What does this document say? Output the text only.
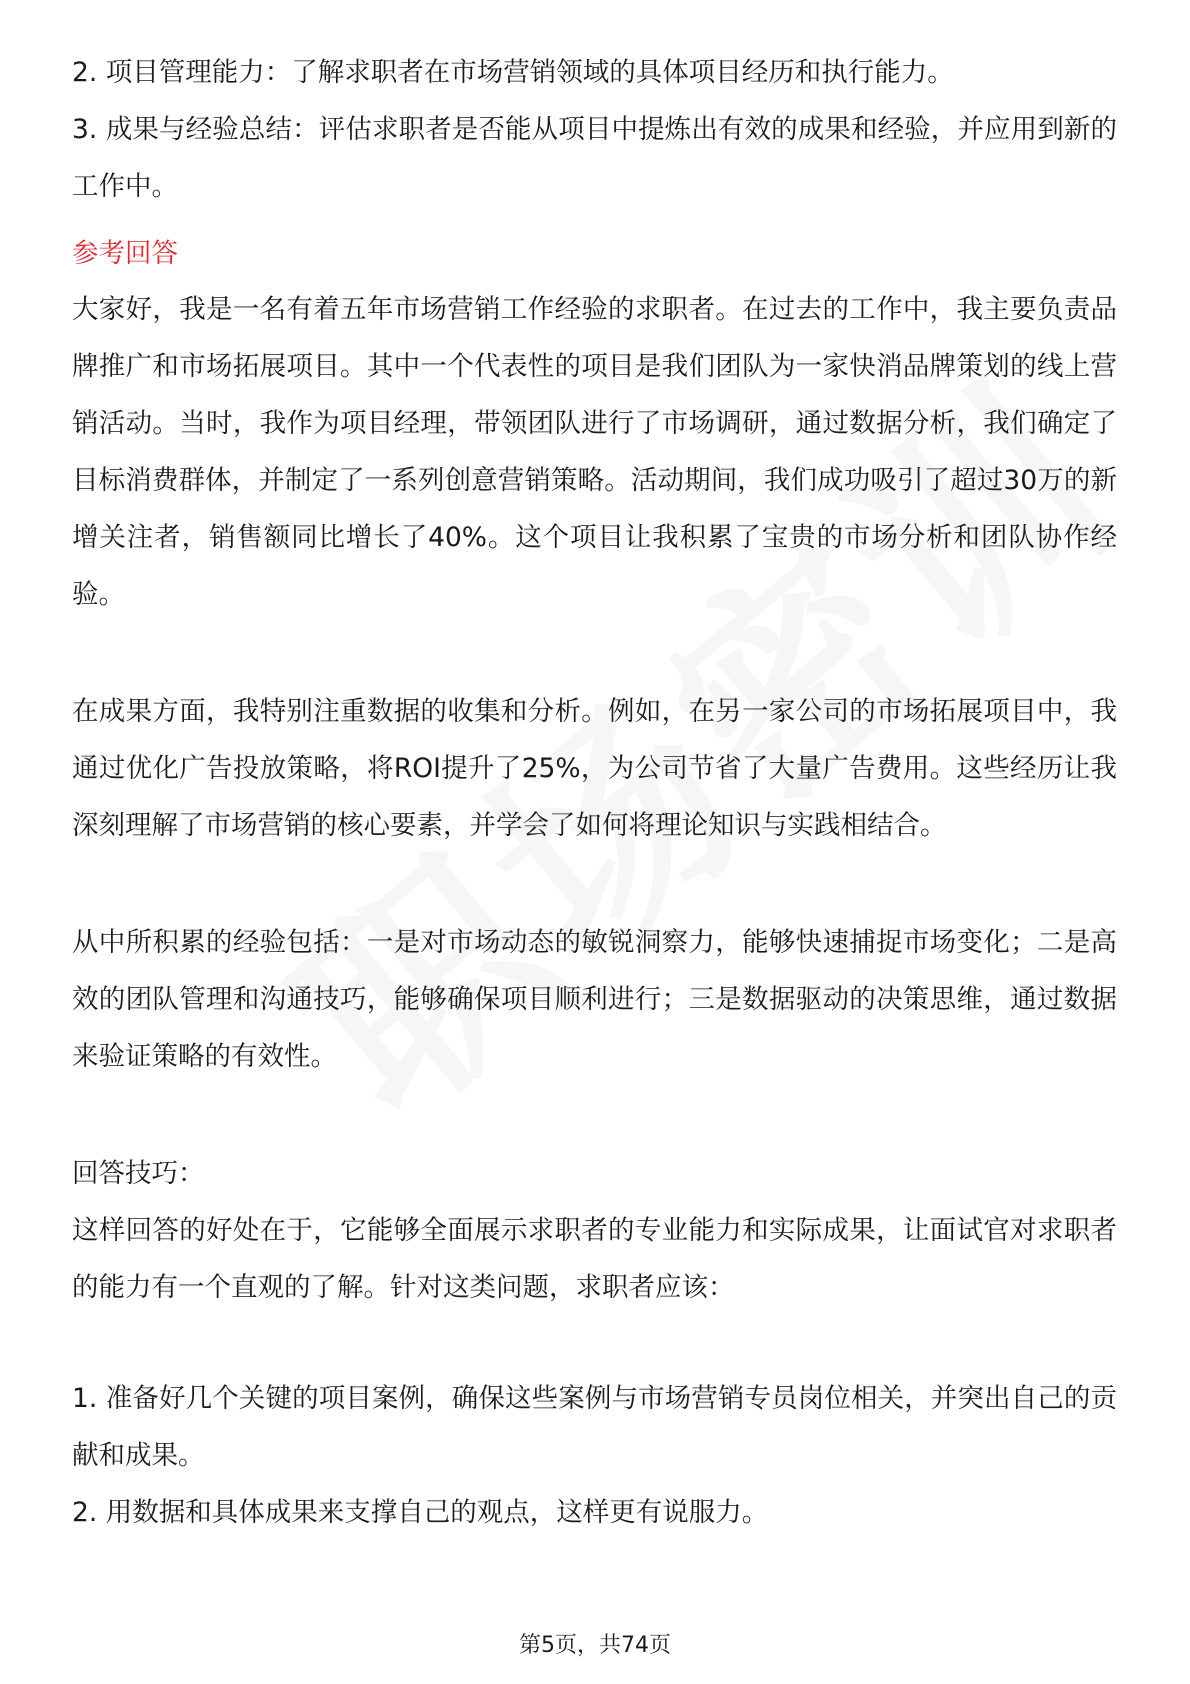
2. 项目管理能力：了解求职者在市场营销领域的具体项目经历和执行能力。

3. 成果与经验总结：评估求职者是否能从项目中提炼出有效的成果和经验，并应用到新的工作中。

参考回答

大家好，我是一名有着五年市场营销工作经验的求职者。在过去的工作中，我主要负责品牌推广和市场拓展项目。其中一个代表性的项目是我们团队为一家快消品牌策划的线上营销活动。当时，我作为项目经理，带领团队进行了市场调研，通过数据分析，我们确定了目标消费群体，并制定了一系列创意营销策略。活动期间，我们成功吸引了超过30万的新增关注者，销售额同比增长了40%。这个项目让我积累了宝贵的市场分析和团队协作经验。

在成果方面，我特别注重数据的收集和分析。例如，在另一家公司的市场拓展项目中，我通过优化广告投放策略，将ROI提升了25%，为公司节省了大量广告费用。这些经历让我深刻理解了市场营销的核心要素，并学会了如何将理论知识与实践相结合。

从中所积累的经验包括：一是对市场动态的敏锐洞察力，能够快速捕捉市场变化；二是高效的团队管理和沟通技巧，能够确保项目顺利进行；三是数据驱动的决策思维，通过数据来验证策略的有效性。

回答技巧：

这样回答的好处在于，它能够全面展示求职者的专业能力和实际成果，让面试官对求职者的能力有一个直观的了解。针对这类问题，求职者应该：

1. 准备好几个关键的项目案例，确保这些案例与市场营销专员岗位相关，并突出自己的贡献和成果。

2. 用数据和具体成果来支撑自己的观点，这样更有说服力。

第5页，共74页
